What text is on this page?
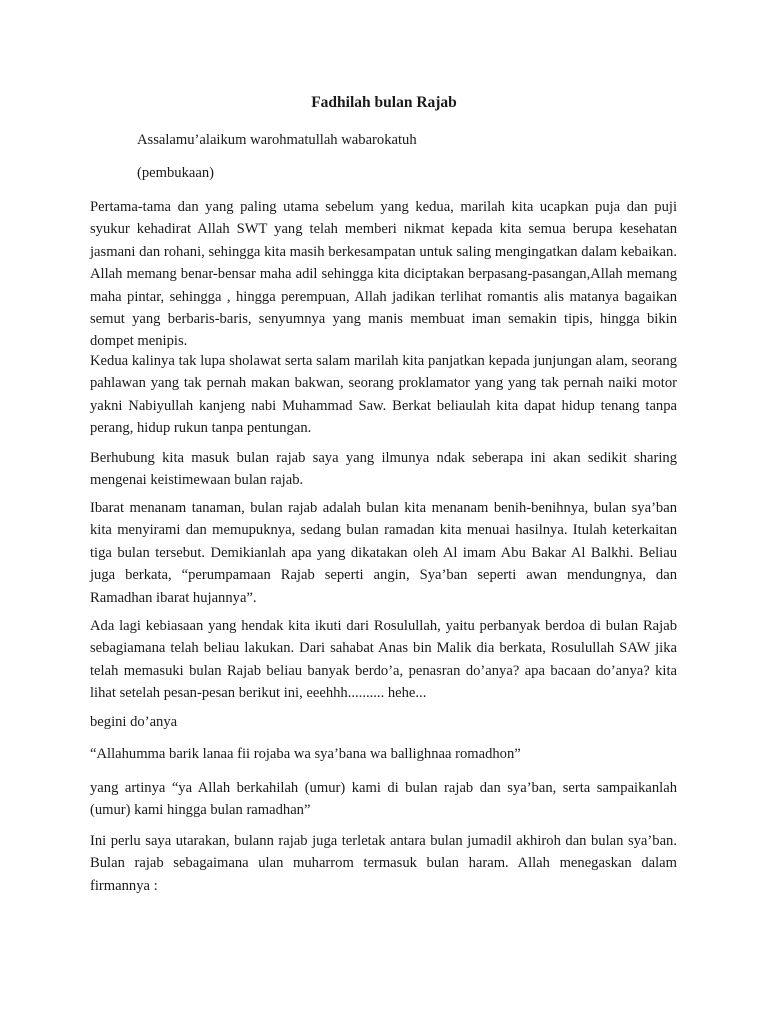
Fadhilah bulan Rajab

Assalamu’alaikum warohmatullah wabarokatuh

(pembukaan)

Pertama-tama dan yang paling utama sebelum yang kedua, marilah kita ucapkan puja dan puji syukur kehadirat Allah SWT yang telah memberi nikmat kepada kita semua berupa kesehatan jasmani dan rohani, sehingga kita masih berkesampatan untuk saling mengingatkan dalam kebaikan. Allah memang benar-bensar maha adil sehingga kita diciptakan berpasang-pasangan,Allah memang maha pintar, sehingga , hingga perempuan, Allah jadikan terlihat romantis alis matanya bagaikan semut yang berbaris-baris, senyumnya yang manis membuat iman semakin tipis, hingga bikin dompet menipis.

Kedua kalinya tak lupa sholawat serta salam marilah kita panjatkan kepada junjungan alam, seorang pahlawan yang tak pernah makan bakwan, seorang proklamator yang yang tak pernah naiki motor yakni Nabiyullah kanjeng nabi Muhammad Saw. Berkat beliaulah kita dapat hidup tenang tanpa perang, hidup rukun tanpa pentungan.

Berhubung kita masuk bulan rajab saya yang ilmunya ndak seberapa ini akan sedikit sharing mengenai keistimewaan bulan rajab.

Ibarat menanam tanaman, bulan rajab adalah bulan kita menanam benih-benihnya, bulan sya’ban kita menyirami dan memupuknya, sedang bulan ramadan kita menuai hasilnya. Itulah keterkaitan tiga bulan tersebut. Demikianlah apa yang dikatakan oleh Al imam Abu Bakar Al Balkhi. Beliau juga berkata, “perumpamaan Rajab seperti angin, Sya’ban seperti awan mendungnya, dan Ramadhan ibarat hujannya”.

Ada lagi kebiasaan yang hendak kita ikuti dari Rosulullah, yaitu perbanyak berdoa di bulan Rajab sebagiamana telah beliau lakukan. Dari sahabat Anas bin Malik dia berkata, Rosulullah SAW jika telah memasuki bulan Rajab beliau banyak berdo’a, penasran do’anya? apa bacaan do’anya? kita lihat setelah pesan-pesan berikut ini, eeehhh.......... hehe...

begini do’anya

“Allahumma barik lanaa fii rojaba wa sya’bana wa ballighnaa romadhon”

yang artinya “ya Allah berkahilah (umur) kami di bulan rajab dan sya’ban, serta sampaikanlah (umur) kami hingga bulan ramadhan”

Ini perlu saya utarakan, bulann rajab juga terletak antara bulan jumadil akhiroh dan bulan sya’ban. Bulan rajab sebagaimana ulan muharrom termasuk bulan haram. Allah menegaskan dalam firmannya :
